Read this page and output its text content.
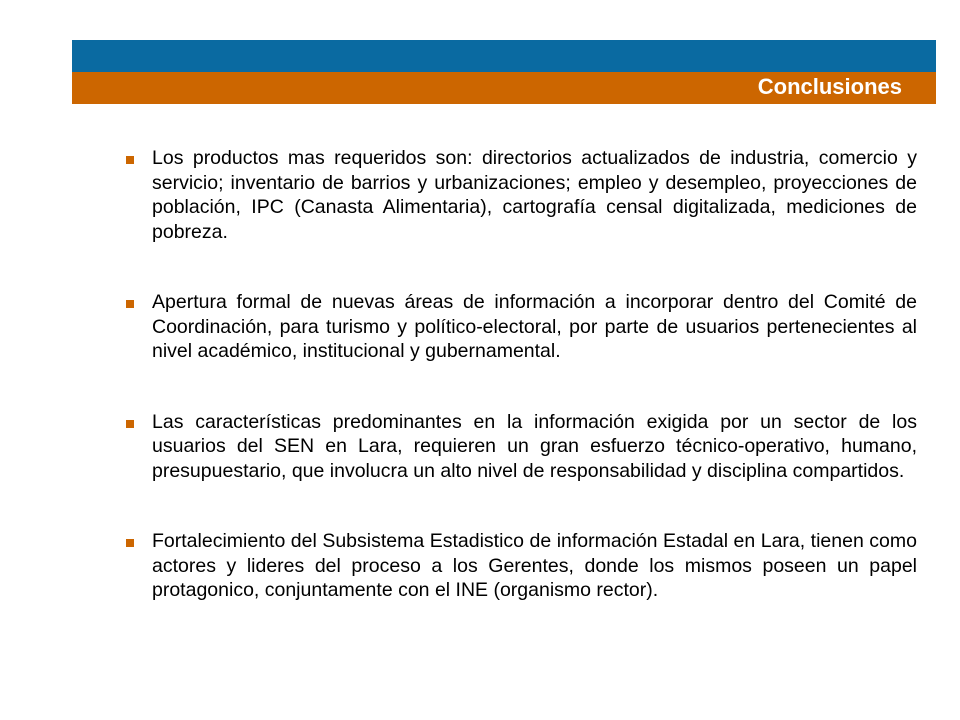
Conclusiones
Los productos mas requeridos son: directorios actualizados de industria, comercio y servicio; inventario de barrios y urbanizaciones; empleo y desempleo, proyecciones de población, IPC (Canasta Alimentaria), cartografía censal digitalizada, mediciones de pobreza.
Apertura formal de nuevas áreas de información a incorporar dentro del Comité de Coordinación, para turismo y político-electoral, por parte de usuarios pertenecientes al nivel académico, institucional y gubernamental.
Las características predominantes en la información exigida por un sector de los usuarios del SEN en Lara, requieren un gran esfuerzo técnico-operativo, humano, presupuestario, que involucra un alto nivel de responsabilidad y disciplina compartidos.
Fortalecimiento del Subsistema Estadistico de información Estadal en Lara, tienen como actores y lideres del proceso a los Gerentes, donde los mismos poseen un papel protagonico, conjuntamente con el INE (organismo rector).
